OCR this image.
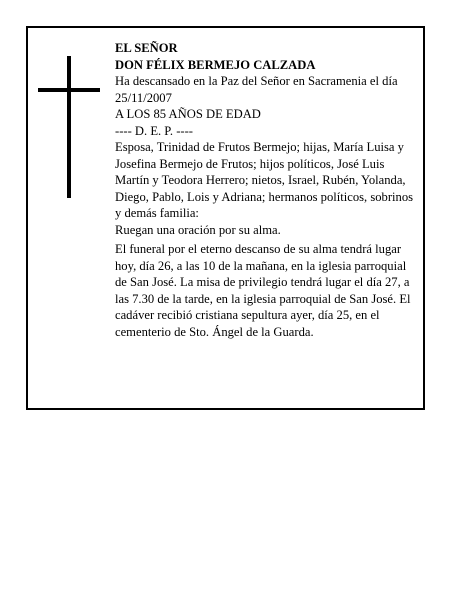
EL SEÑOR

DON FÉLIX BERMEJO CALZADA

Ha descansado en la Paz del Señor en Sacramenia el día 25/11/2007

A LOS 85 AÑOS DE EDAD

---- D. E. P. ----

Esposa, Trinidad de Frutos Bermejo; hijas, María Luisa y Josefina Bermejo de Frutos; hijos políticos, José Luis Martín y Teodora Herrero; nietos, Israel, Rubén, Yolanda, Diego, Pablo, Lois y Adriana; hermanos políticos, sobrinos y demás familia:

Ruegan una oración por su alma.

El funeral por el eterno descanso de su alma tendrá lugar hoy, día 26, a las 10 de la mañana, en la iglesia parroquial de San José. La misa de privilegio tendrá lugar el día 27, a las 7.30 de la tarde, en la iglesia parroquial de San José. El cadáver recibió cristiana sepultura ayer, día 25, en el cementerio de Sto. Ángel de la Guarda.
